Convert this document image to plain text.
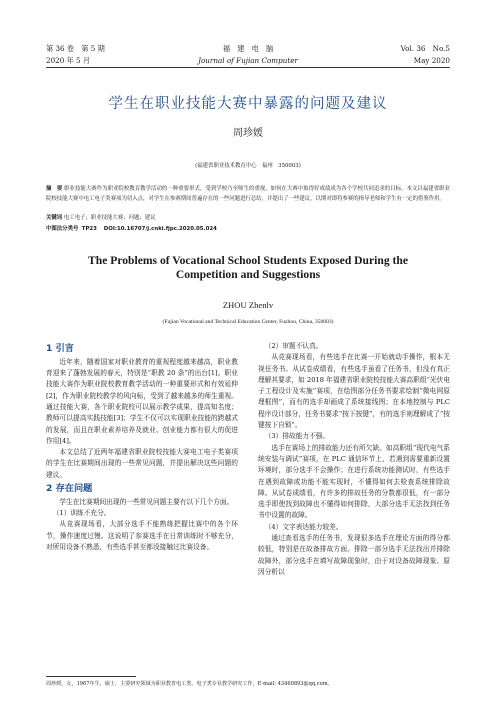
第 36 卷　第 5 期	福　建　电　脑	Vol. 36　No.5
2020 年 5 月	Journal of Fujian Computer	May 2020
学生在职业技能大赛中暴露的问题及建议
周珍媛
(福建省职业技术教育中心　福州　350003)
摘　要 职业技能大赛作为职业院校教育教学活动的一种重要形式，受到学校乃至师生的重视，如何在大赛中取得好成绩成为各个学校共同追求的目标。本文以福建省职业院校技能大赛中电工电子类赛项为切入点，对学生在参赛期间普遍存在的一些问题进行总结，并提出了一些建议，以期对即将参赛的指导老师和学生有一定的借鉴作用。
关键词 电工电子；职业技能大赛；问题；建议
中图法分类号 TP23 DOI:10.16707/j.cnki.fjpc.2020.05.024
The Problems of Vocational School Students Exposed During the Competition and Suggestions
ZHOU Zhenlv
(Fujian Vocational and Technical Education Center, Fuzhou, China, 350003)
1 引言

近年来，随着国家对职业教育的重视程度越来越高，职业教育迎来了蓬勃发展的春天，特别是“职教 20 条”的出台[1]。职业技能大赛作为职业院校教育教学活动的一种重要形式和有效延伸[2]，作为职业院校教学的风向标，受到了越来越多的师生重视。通过技能大赛，各个职业院校可以展示教学成果，提高知名度；教师可以提高实践技能[3]；学生不仅可以实现职业技能的跨越式的发展，而且在职业素养培养及就业、创业能力都有很大的促进作用[4]。

本文总结了近两年福建省职业院校技能大赛电工电子类赛项的学生在比赛期间出现的一些常见问题，并提出解决这些问题的建议。

2 存在问题

学生在比赛期间出现的一些常见问题主要有以下几个方面。

（1）训练不充分。

从竞赛现场看，大部分选手不能熟练把握比赛中的各个环节，操作速度过慢。这说明了参赛选手在日常训练时不够充分，对所用设备不熟悉，有些选手甚至都没接触过比赛设备。

（2）审题不认真。

从竞赛现场看，有些选手在比赛一开始就动手操作，根本无视任务书。从试卷成绩看，有些选手虽看了任务书，但没有真正理解其要求，如 2018 年福建省职业院校技能大赛高职组“光伏电子工程设计及实施”赛项，在绘图部分任务书要求绘制“微电网原理框图”，而有的选手却画成了系统接线图；在本地控制与 PLC 程序设计部分，任务书要求“按下按键”，有的选手则理解成了“按键按下自锁”。

（3）排故能力不强。

选手在赛场上的排故能力还有所欠缺。如高职组“现代电气系统安装与调试”赛项，在 PLC 通信环节上，若遇到需要重新设置环境时，部分选手不会操作；在进行系统功能测试时，有些选手在遇到故障或功能不能实现时，不懂得如何去检查系统排除故障。从试卷成绩看，有许多的排故任务的分数都很低，有一部分选手即使找到故障也不懂得如何排除，大部分选手无法找到任务书中设置的故障。

（4）文字表达能力较差。

通过查看选手的任务书，发现很多选手在理论方面的得分都较低，特别是在故备排故方面。排除一部分选手无法找出并排除故障外，部分选手在填写故障现象时，由于对设备故障现象、原因分析以

周珍媛，女，1967年生，硕士，主要研究领域为职业教育电工类、电子类专业教学研究工作。E-mail: 43460893@qq.com。
